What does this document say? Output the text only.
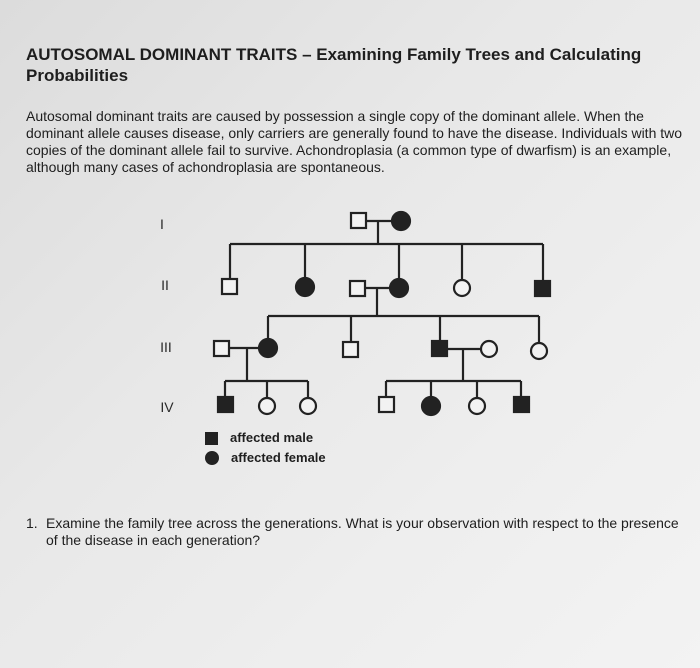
AUTOSOMAL DOMINANT TRAITS – Examining Family Trees and Calculating Probabilities

Autosomal dominant traits are caused by possession a single copy of the dominant allele. When the dominant allele causes disease, only carriers are generally found to have the disease. Individuals with two copies of the dominant allele fail to survive. Achondroplasia (a common type of dwarfism) is an example, although many cases of achondroplasia are spontaneous.

I
II
III
IV
affected male
affected female
1. Examine the family tree across the generations. What is your observation with respect to the presence of the disease in each generation?
